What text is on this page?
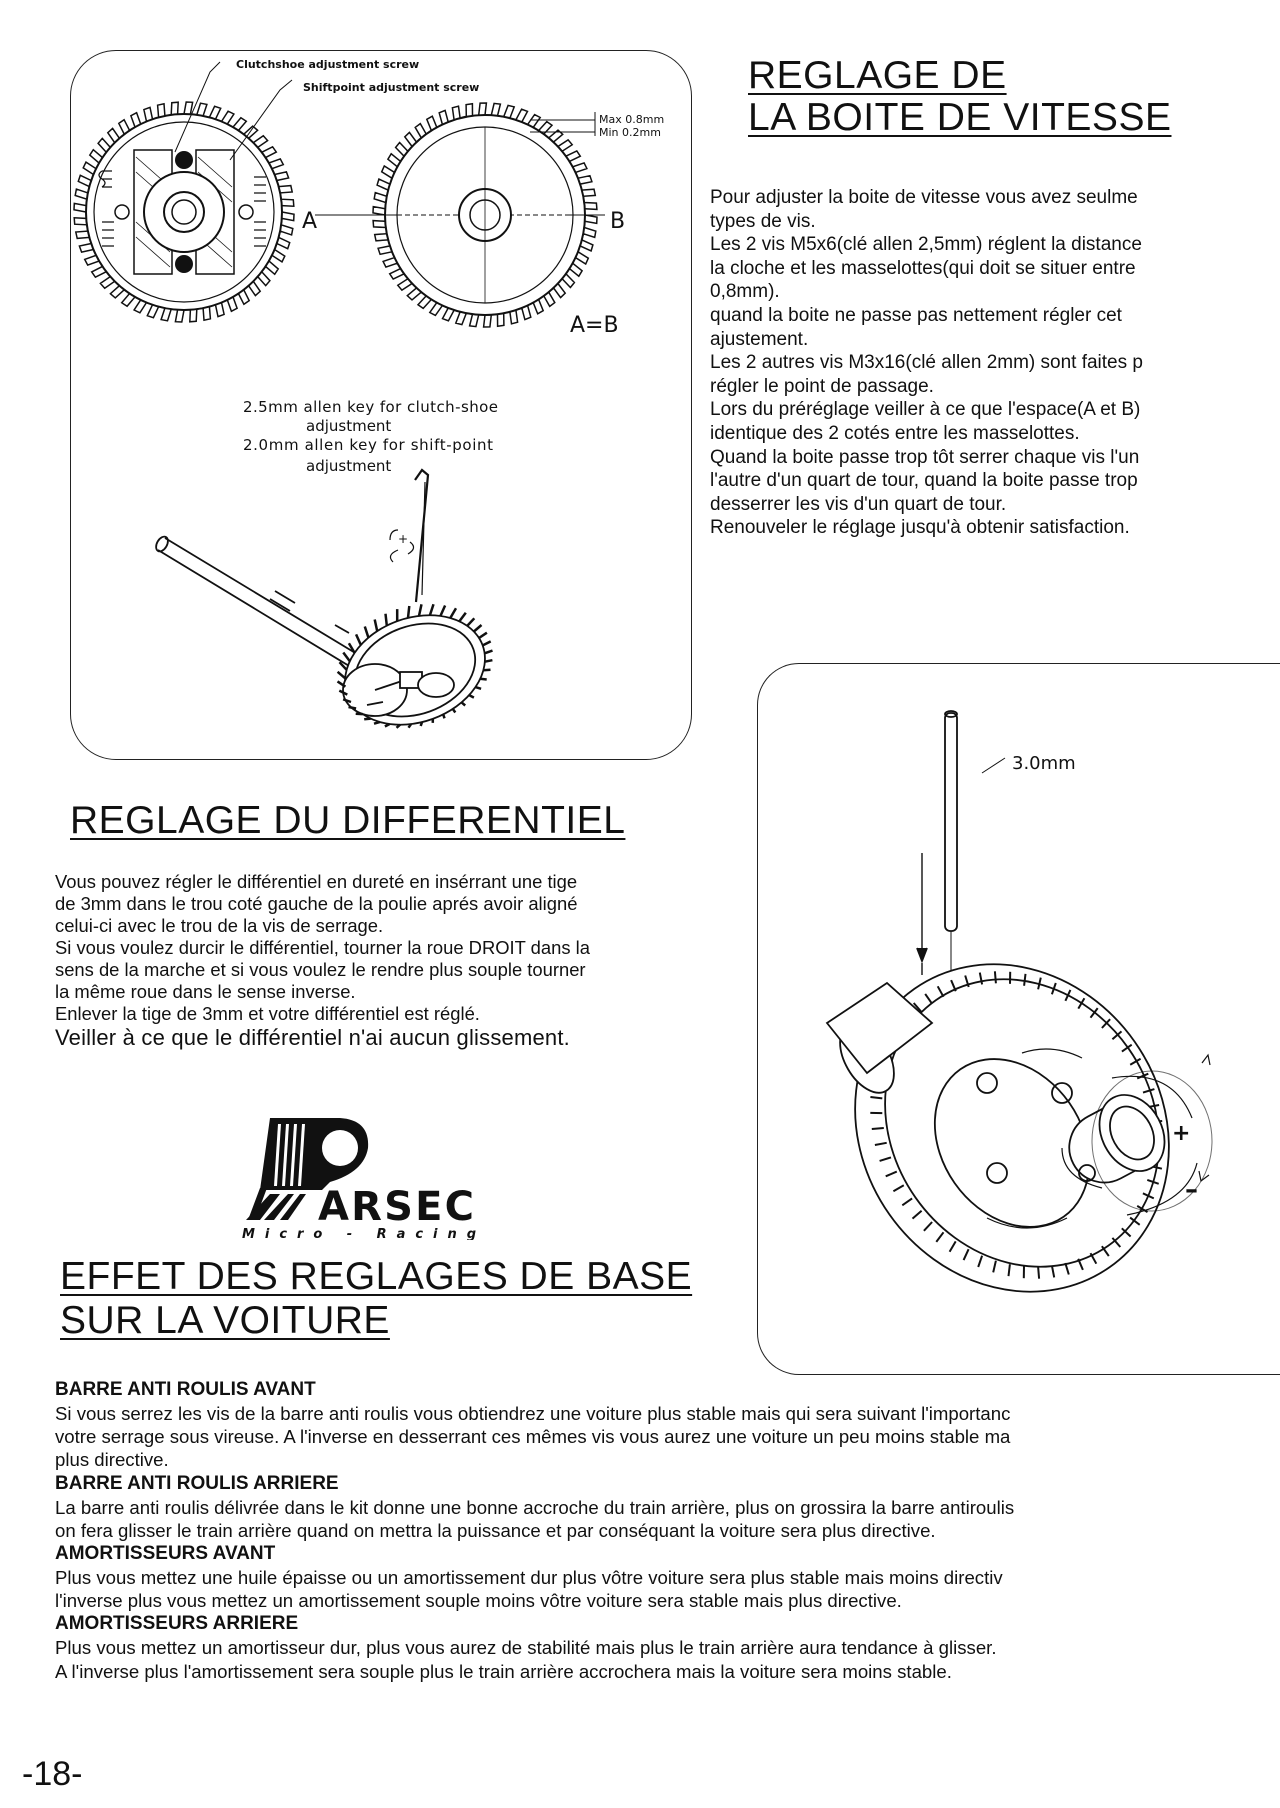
A	B
A=B
Clutchshoe adjustment screw
Shiftpoint adjustment screw
Max 0.8mm
Min 0.2mm
2.5mm allen key for clutch-shoe
adjustment
2.0mm allen key for shift-point
adjustment
+
REGLAGE DE
LA BOITE DE VITESSE

Pour adjuster la boite de vitesse vous avez seulme

types de vis.

Les 2 vis M5x6(clé allen 2,5mm) réglent la distance

la cloche et les masselottes(qui doit se situer entre

0,8mm).

quand la boite ne passe pas nettement régler cet

ajustement.

Les 2 autres vis M3x16(clé allen 2mm) sont faites p

régler le point de passage.

Lors du préréglage veiller à ce que l'espace(A et B)

identique des 2 cotés entre les masselottes.

Quand la boite passe trop tôt serrer chaque vis l'un

l'autre d'un quart de tour, quand la boite passe trop

desserrer les vis d'un quart de tour.

Renouveler le réglage jusqu'à obtenir satisfaction.

3.0mm
+
–
REGLAGE DU DIFFERENTIEL

Vous pouvez régler le différentiel en dureté en insérrant une tige

de 3mm dans le trou coté gauche de la poulie aprés avoir aligné

celui-ci avec le trou de la vis de serrage.

Si vous voulez durcir le différentiel, tourner la roue DROIT dans la

sens de la marche et si vous voulez le rendre plus souple tourner

la même roue dans le sense inverse.

Enlever la tige de 3mm et votre différentiel est réglé.

Veiller à ce que le différentiel n'ai aucun glissement.

ARSEC
Micro - Racing
EFFET DES REGLAGES DE BASE
SUR LA VOITURE

BARRE ANTI ROULIS AVANT

Si vous serrez les vis de la barre anti roulis vous obtiendrez une voiture plus stable mais qui sera suivant l'importanc

votre serrage sous vireuse. A l'inverse en desserrant ces mêmes vis vous aurez une voiture un peu moins stable ma

plus directive.

BARRE ANTI ROULIS ARRIERE

La barre anti roulis délivrée dans le kit donne une bonne accroche du train arrière, plus on grossira la barre antiroulis

on fera glisser le train arrière quand on mettra la puissance et par conséquant la voiture sera plus directive.

AMORTISSEURS AVANT

Plus vous mettez une huile épaisse ou un amortissement dur plus vôtre voiture sera plus stable mais moins directiv

l'inverse plus vous mettez un amortissement souple moins vôtre voiture sera stable mais plus directive.

AMORTISSEURS ARRIERE

Plus vous mettez un amortisseur dur, plus vous aurez de stabilité mais plus le train arrière aura tendance à glisser.

A l'inverse plus l'amortissement sera souple plus le train arrière accrochera mais la voiture sera moins stable.

-18-
